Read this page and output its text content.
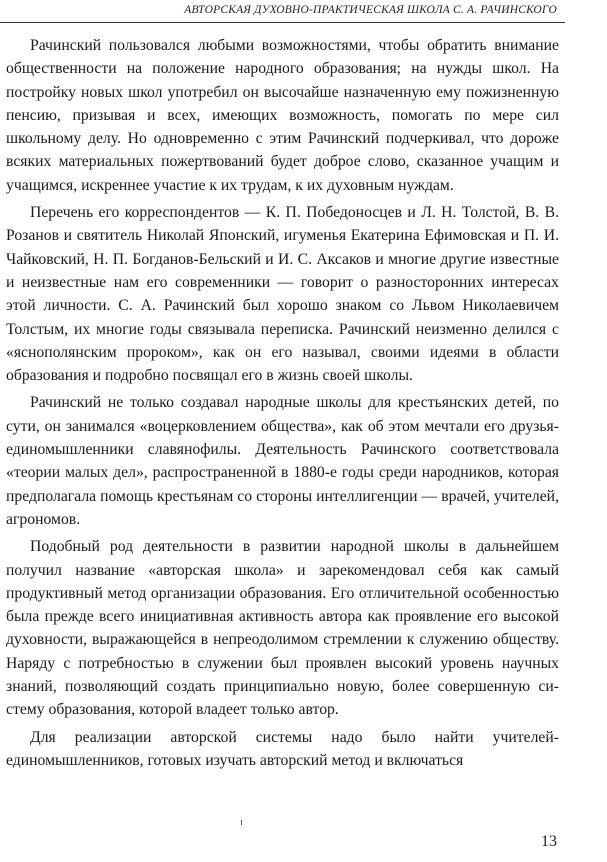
АВТОРСКАЯ ДУХОВНО-ПРАКТИЧЕСКАЯ ШКОЛА С. А. РАЧИНСКОГО

Рачинский пользовался любыми возможностями, чтобы обратить внимание общественности на положение народного образования; на нужды школ. На постройку новых школ употребил он высочайше назначенную ему пожизненную пенсию, призывая и всех, имеющих возможность, помогать по мере сил школьному делу. Но одновременно с этим Рачинский подчеркивал, что дороже всяких материальных пожертвований будет доброе слово, сказанное учащим и учащимся, искреннее участие к их трудам, к их духовным нуждам.

Перечень его корреспондентов — К. П. Победоносцев и Л. Н. Толстой, В. В. Розанов и святитель Николай Японский, игуменья Екатерина Ефимовская и П. И. Чайковский, Н. П. Богданов-Бельский и И. С. Аксаков и многие другие известные и неизвестные нам его современники — говорит о разносторонних интересах этой личности. С. А. Рачинский был хорошо знаком со Львом Николаевичем Толстым, их многие годы связывала переписка. Рачинский неизменно делился с «яснополянским пророком», как он его называл, своими идеями в области образования и подробно посвящал его в жизнь своей школы.

Рачинский не только создавал народные школы для крестьянских детей, по сути, он занимался «воцерковлением общества», как об этом мечтали его друзья-единомышленники славянофилы. Деятельность Рачинского соответствовала «теории малых дел», распространенной в 1880-е годы среди народников, которая предполагала помощь крестьянам со стороны интеллигенции — врачей, учителей, агрономов.

Подобный род деятельности в развитии народной школы в дальнейшем получил название «авторская школа» и зарекомендовал себя как самый продуктивный метод организации образования. Его отличительной особенностью была прежде всего инициативная активность автора как проявление его высокой духовности, выражающейся в непреодолимом стремлении к служению обществу. Наряду с потребностью в служении был проявлен высокий уровень научных знаний, позволяющий создать принципиально новую, более совершенную систему образования, которой владеет только автор.

Для реализации авторской системы надо было найти учителей-единомышленников, готовых изучать авторский метод и включаться

13
